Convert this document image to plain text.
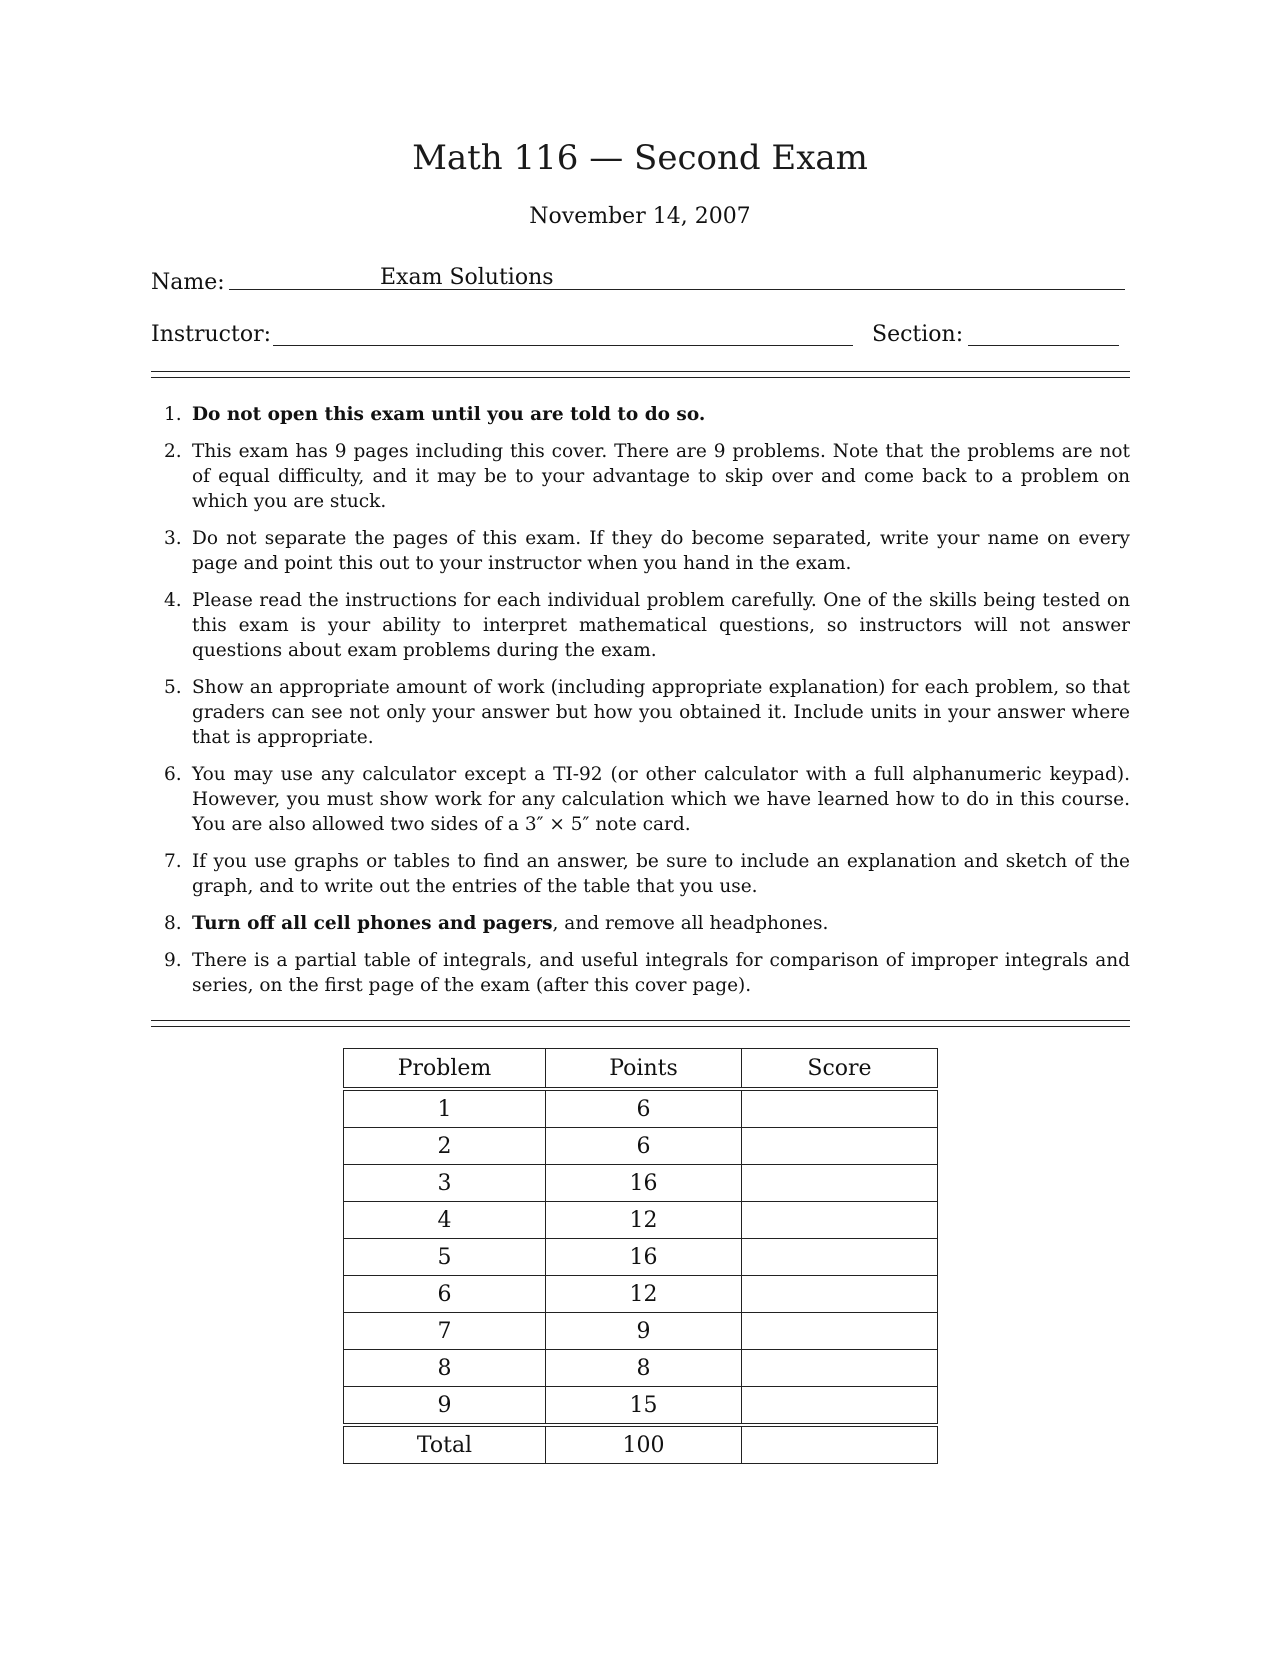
Math 116 — Second Exam
November 14, 2007
Name:	Exam Solutions
Instructor:	Section:
1. Do not open this exam until you are told to do so.
2. This exam has 9 pages including this cover. There are 9 problems. Note that the problems are not of equal difficulty, and it may be to your advantage to skip over and come back to a problem on which you are stuck.
3. Do not separate the pages of this exam. If they do become separated, write your name on every page and point this out to your instructor when you hand in the exam.
4. Please read the instructions for each individual problem carefully. One of the skills being tested on this exam is your ability to interpret mathematical questions, so instructors will not answer questions about exam problems during the exam.
5. Show an appropriate amount of work (including appropriate explanation) for each problem, so that graders can see not only your answer but how you obtained it. Include units in your answer where that is appropriate.
6. You may use any calculator except a TI-92 (or other calculator with a full alphanumeric keypad). However, you must show work for any calculation which we have learned how to do in this course. You are also allowed two sides of a 3″ × 5″ note card.
7. If you use graphs or tables to find an answer, be sure to include an explanation and sketch of the graph, and to write out the entries of the table that you use.
8. Turn off all cell phones and pagers, and remove all headphones.
9. There is a partial table of integrals, and useful integrals for comparison of improper integrals and series, on the first page of the exam (after this cover page).
Problem	Points	Score
1	6	
2	6	
3	16	
4	12	
5	16	
6	12	
7	9	
8	8	
9	15	
Total	100	
